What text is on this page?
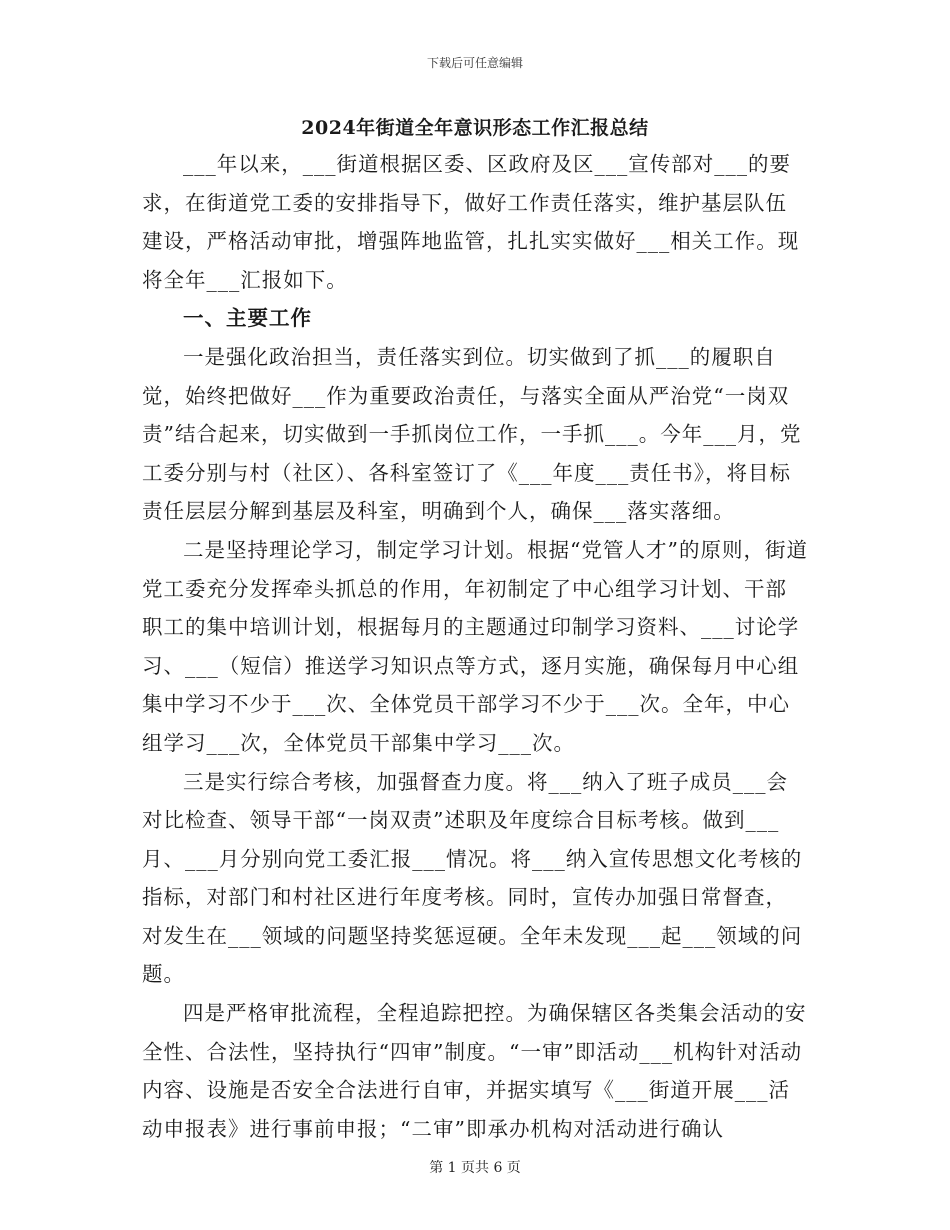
下载后可任意编辑
2024年街道全年意识形态工作汇报总结

___年以来，___街道根据区委、区政府及区___宣传部对___的要求，在街道党工委的安排指导下，做好工作责任落实，维护基层队伍建设，严格活动审批，增强阵地监管，扎扎实实做好___相关工作。现将全年___汇报如下。

一、主要工作

一是强化政治担当，责任落实到位。切实做到了抓___的履职自觉，始终把做好___作为重要政治责任，与落实全面从严治党“一岗双责”结合起来，切实做到一手抓岗位工作，一手抓___。今年___月，党工委分别与村（社区）、各科室签订了《___年度___责任书》，将目标责任层层分解到基层及科室，明确到个人，确保___落实落细。

二是坚持理论学习，制定学习计划。根据“党管人才”的原则，街道党工委充分发挥牵头抓总的作用，年初制定了中心组学习计划、干部职工的集中培训计划，根据每月的主题通过印制学习资料、___讨论学习、___（短信）推送学习知识点等方式，逐月实施，确保每月中心组集中学习不少于___次、全体党员干部学习不少于___次。全年，中心组学习___次，全体党员干部集中学习___次。

三是实行综合考核，加强督查力度。将___纳入了班子成员___会对比检查、领导干部“一岗双责”述职及年度综合目标考核。做到___月、___月分别向党工委汇报___情况。将___纳入宣传思想文化考核的指标，对部门和村社区进行年度考核。同时，宣传办加强日常督查，对发生在___领域的问题坚持奖惩逗硬。全年未发现___起___领域的问题。

四是严格审批流程，全程追踪把控。为确保辖区各类集会活动的安全性、合法性，坚持执行“四审”制度。“一审”即活动___机构针对活动内容、设施是否安全合法进行自审，并据实填写《___街道开展___活动申报表》进行事前申报；“二审”即承办机构对活动进行确认

第 1 页共 6 页
